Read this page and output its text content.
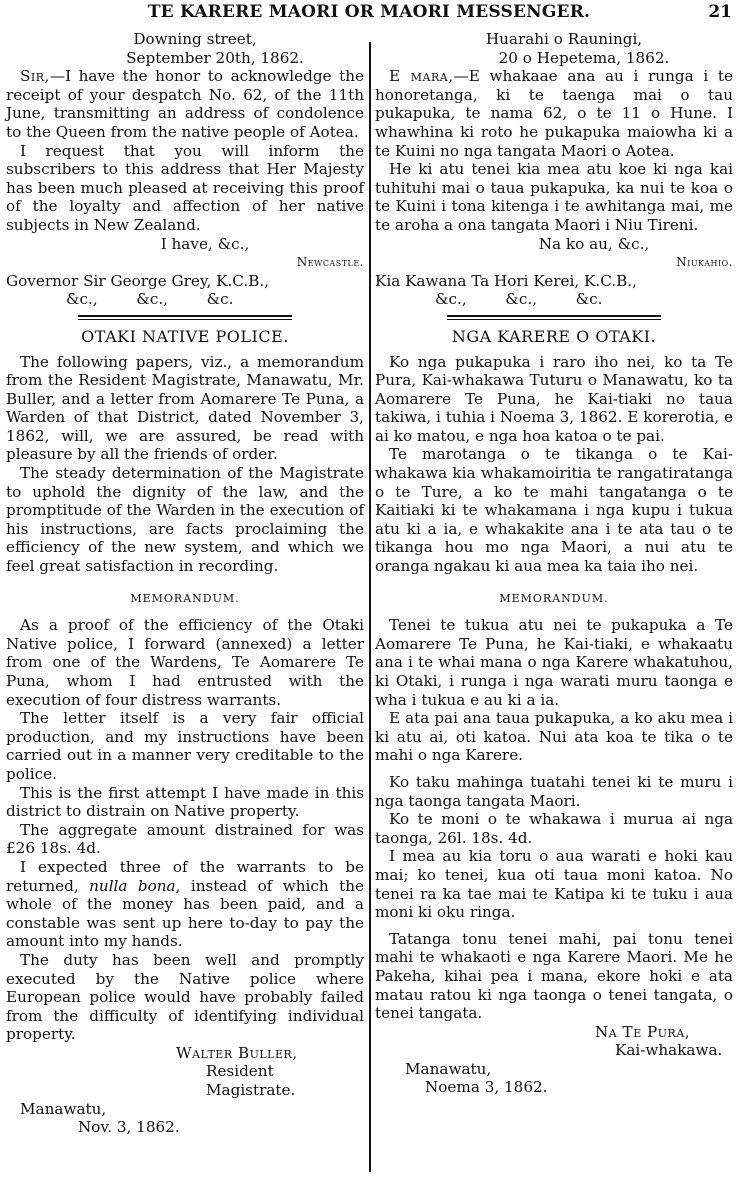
TE KARERE MAORI OR MAORI MESSENGER.	21

Downing street,

September 20th, 1862.

Sir,—I have the honor to acknowledge the receipt of your despatch No. 62, of the 11th June, transmitting an address of condolence to the Queen from the native people of Aotea.

I request that you will inform the subscribers to this address that Her Majesty has been much pleased at receiving this proof of the loyalty and affection of her native subjects in New Zealand.

I have, &c.,

Newcastle.

Governor Sir George Grey, K.C.B.,

&c.,        &c.,        &c.

OTAKI NATIVE POLICE.

The following papers, viz., a memorandum from the Resident Magistrate, Manawatu, Mr. Buller, and a letter from Aomarere Te Puna, a Warden of that District, dated November 3, 1862, will, we are assured, be read with pleasure by all the friends of order.

The steady determination of the Magistrate to uphold the dignity of the law, and the promptitude of the Warden in the execution of his instructions, are facts proclaiming the efficiency of the new system, and which we feel great satisfaction in recording.

MEMORANDUM.

As a proof of the efficiency of the Otaki Native police, I forward (annexed) a letter from one of the Wardens, Te Aomarere Te Puna, whom I had entrusted with the execution of four distress warrants.

The letter itself is a very fair official production, and my instructions have been carried out in a manner very creditable to the police.

This is the first attempt I have made in this district to distrain on Native property.

The aggregate amount distrained for was £26 18s. 4d.

I expected three of the warrants to be returned, nulla bona, instead of which the whole of the money has been paid, and a constable was sent up here to-day to pay the amount into my hands.

The duty has been well and promptly executed by the Native police where European police would have probably failed from the difficulty of identifying individual property.

Walter Buller,

Resident Magistrate.

Manawatu,

Nov. 3, 1862.

Huarahi o Rauningi,

20 o Hepetema, 1862.

E mara,—E whakaae ana au i runga i te honoretanga, ki te taenga mai o tau pukapuka, te nama 62, o te 11 o Hune. I whawhina ki roto he pukapuka maiowha ki a te Kuini no nga tangata Maori o Aotea.

He ki atu tenei kia mea atu koe ki nga kai tuhituhi mai o taua pukapuka, ka nui te koa o te Kuini i tona kitenga i te awhitanga mai, me te aroha a ona tangata Maori i Niu Tireni.

Na ko au, &c.,

Niukahio.

Kia Kawana Ta Hori Kerei, K.C.B.,

&c.,        &c.,        &c.

NGA KARERE O OTAKI.

Ko nga pukapuka i raro iho nei, ko ta Te Pura, Kai-whakawa Tuturu o Manawatu, ko ta Aomarere Te Puna, he Kai-tiaki no taua takiwa, i tuhia i Noema 3, 1862. E korerotia, e ai ko matou, e nga hoa katoa o te pai.

Te marotanga o te tikanga o te Kai-whakawa kia whakamoiritia te rangatiratanga o te Ture, a ko te mahi tangatanga o te Kaitiaki ki te whakamana i nga kupu i tukua atu ki a ia, e whakakite ana i te ata tau o te tikanga hou mo nga Maori, a nui atu te oranga ngakau ki aua mea ka taia iho nei.

MEMORANDUM.

Tenei te tukua atu nei te pukapuka a Te Aomarere Te Puna, he Kai-tiaki, e whakaatu ana i te whai mana o nga Karere whakatuhou, ki Otaki, i runga i nga warati muru taonga e wha i tukua e au ki a ia.

E ata pai ana taua pukapuka, a ko aku mea i ki atu ai, oti katoa. Nui ata koa te tika o te mahi o nga Karere.

Ko taku mahinga tuatahi tenei ki te muru i nga taonga tangata Maori.

Ko te moni o te whakawa i murua ai nga taonga, 26l. 18s. 4d.

I mea au kia toru o aua warati e hoki kau mai; ko tenei, kua oti taua moni katoa. No tenei ra ka tae mai te Katipa ki te tuku i aua moni ki oku ringa.

Tatanga tonu tenei mahi, pai tonu tenei mahi te whakaoti e nga Karere Maori. Me he Pakeha, kihai pea i mana, ekore hoki e ata matau ratou ki nga taonga o tenei tangata, o tenei tangata.

Na Te Pura,

Kai-whakawa.

Manawatu,

Noema 3, 1862.
